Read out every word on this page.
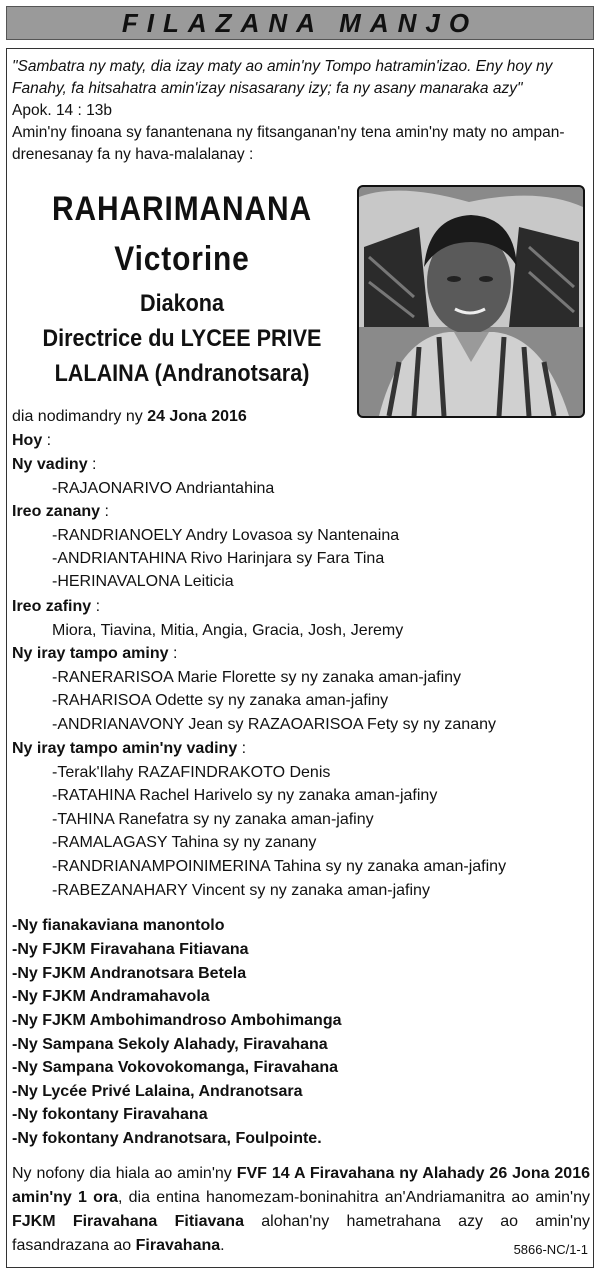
FILAZANA MANJO
"Sambatra ny maty, dia izay maty ao amin'ny Tompo hatramin'izao. Eny hoy ny Fanahy, fa hitsahatra amin'izay nisasarany izy; fa ny asany manaraka azy"
Apok. 14 : 13b
Amin'ny finoana sy fanantenana ny fitsanganan'ny tena amin'ny maty no ampan-
drenesanay fa ny hava-malalanay :
RAHARIMANANA
Victorine
Diakona
Directrice du LYCEE PRIVE
LALAINA (Andranotsara)
dia nodimandry ny 24 Jona 2016
Hoy :
Ny vadiny :
-RAJAONARIVO Andriantahina
Ireo zanany :
-RANDRIANOELY Andry Lovasoa sy Nantenaina
-ANDRIANTAHINA Rivo Harinjara sy Fara Tina
-HERINAVALONA Leiticia
Ireo zafiny :
Miora, Tiavina, Mitia, Angia, Gracia, Josh, Jeremy
Ny iray tampo aminy :
-RANERARISOA Marie Florette sy ny zanaka aman-jafiny
-RAHARISOA Odette sy ny zanaka aman-jafiny
-ANDRIANAVONY Jean sy RAZAOARISOA Fety sy ny zanany
Ny iray tampo amin'ny vadiny :
-Terak'Ilahy RAZAFINDRAKOTO Denis
-RATAHINA Rachel Harivelo sy ny zanaka aman-jafiny
-TAHINA Ranefatra sy ny zanaka aman-jafiny
-RAMALAGASY Tahina sy ny zanany
-RANDRIANAMPOINIMERINA Tahina sy ny zanaka aman-jafiny
-RABEZANAHARY Vincent sy ny zanaka aman-jafiny
-Ny fianakaviana manontolo
-Ny FJKM Firavahana Fitiavana
-Ny FJKM Andranotsara Betela
-Ny FJKM Andramahavola
-Ny FJKM Ambohimandroso Ambohimanga
-Ny Sampana Sekoly Alahady, Firavahana
-Ny Sampana Vokovokomanga, Firavahana
-Ny Lycée Privé Lalaina, Andranotsara
-Ny fokontany Firavahana
-Ny fokontany Andranotsara, Foulpointe.
Ny nofony dia hiala ao amin'ny FVF 14 A Firavahana ny Alahady 26 Jona 2016 amin'ny 1 ora, dia entina hanomezam-boninahitra an'Andriamanitra ao amin'ny FJKM Firavahana Fitiavana alohan'ny hametrahana azy ao amin'ny fasandrazana ao Firavahana.	5866-NC/1-1
